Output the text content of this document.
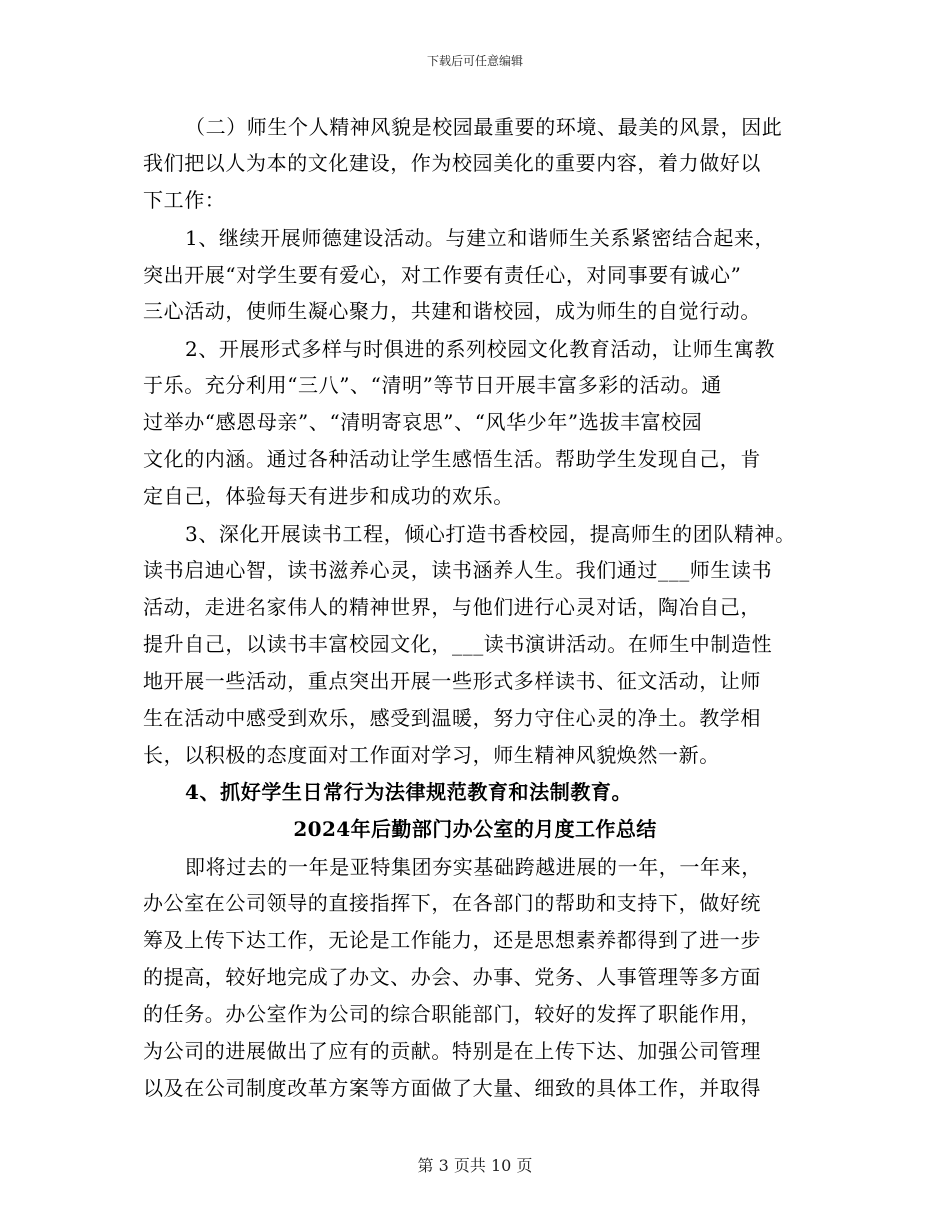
下载后可任意编辑
（二）师生个人精神风貌是校园最重要的环境、最美的风景，因此
我们把以人为本的文化建设，作为校园美化的重要内容，着力做好以
下工作：
1、继续开展师德建设活动。与建立和谐师生关系紧密结合起来，
突出开展“对学生要有爱心，对工作要有责任心，对同事要有诚心”
三心活动，使师生凝心聚力，共建和谐校园，成为师生的自觉行动。
2、开展形式多样与时俱进的系列校园文化教育活动，让师生寓教
于乐。充分利用“三八”、“清明”等节日开展丰富多彩的活动。通
过举办“感恩母亲”、“清明寄哀思”、“风华少年”选拔丰富校园
文化的内涵。通过各种活动让学生感悟生活。帮助学生发现自己，肯
定自己，体验每天有进步和成功的欢乐。
3、深化开展读书工程，倾心打造书香校园，提高师生的团队精神。
读书启迪心智，读书滋养心灵，读书涵养人生。我们通过___师生读书
活动，走进名家伟人的精神世界，与他们进行心灵对话，陶冶自己，
提升自己，以读书丰富校园文化，___读书演讲活动。在师生中制造性
地开展一些活动，重点突出开展一些形式多样读书、征文活动，让师
生在活动中感受到欢乐，感受到温暖，努力守住心灵的净土。教学相
长，以积极的态度面对工作面对学习，师生精神风貌焕然一新。
4、抓好学生日常行为法律规范教育和法制教育。
2024年后勤部门办公室的月度工作总结
即将过去的一年是亚特集团夯实基础跨越进展的一年，一年来，
办公室在公司领导的直接指挥下，在各部门的帮助和支持下，做好统
筹及上传下达工作，无论是工作能力，还是思想素养都得到了进一步
的提高，较好地完成了办文、办会、办事、党务、人事管理等多方面
的任务。办公室作为公司的综合职能部门，较好的发挥了职能作用，
为公司的进展做出了应有的贡献。特别是在上传下达、加强公司管理
以及在公司制度改革方案等方面做了大量、细致的具体工作，并取得
第 3 页共 10 页
